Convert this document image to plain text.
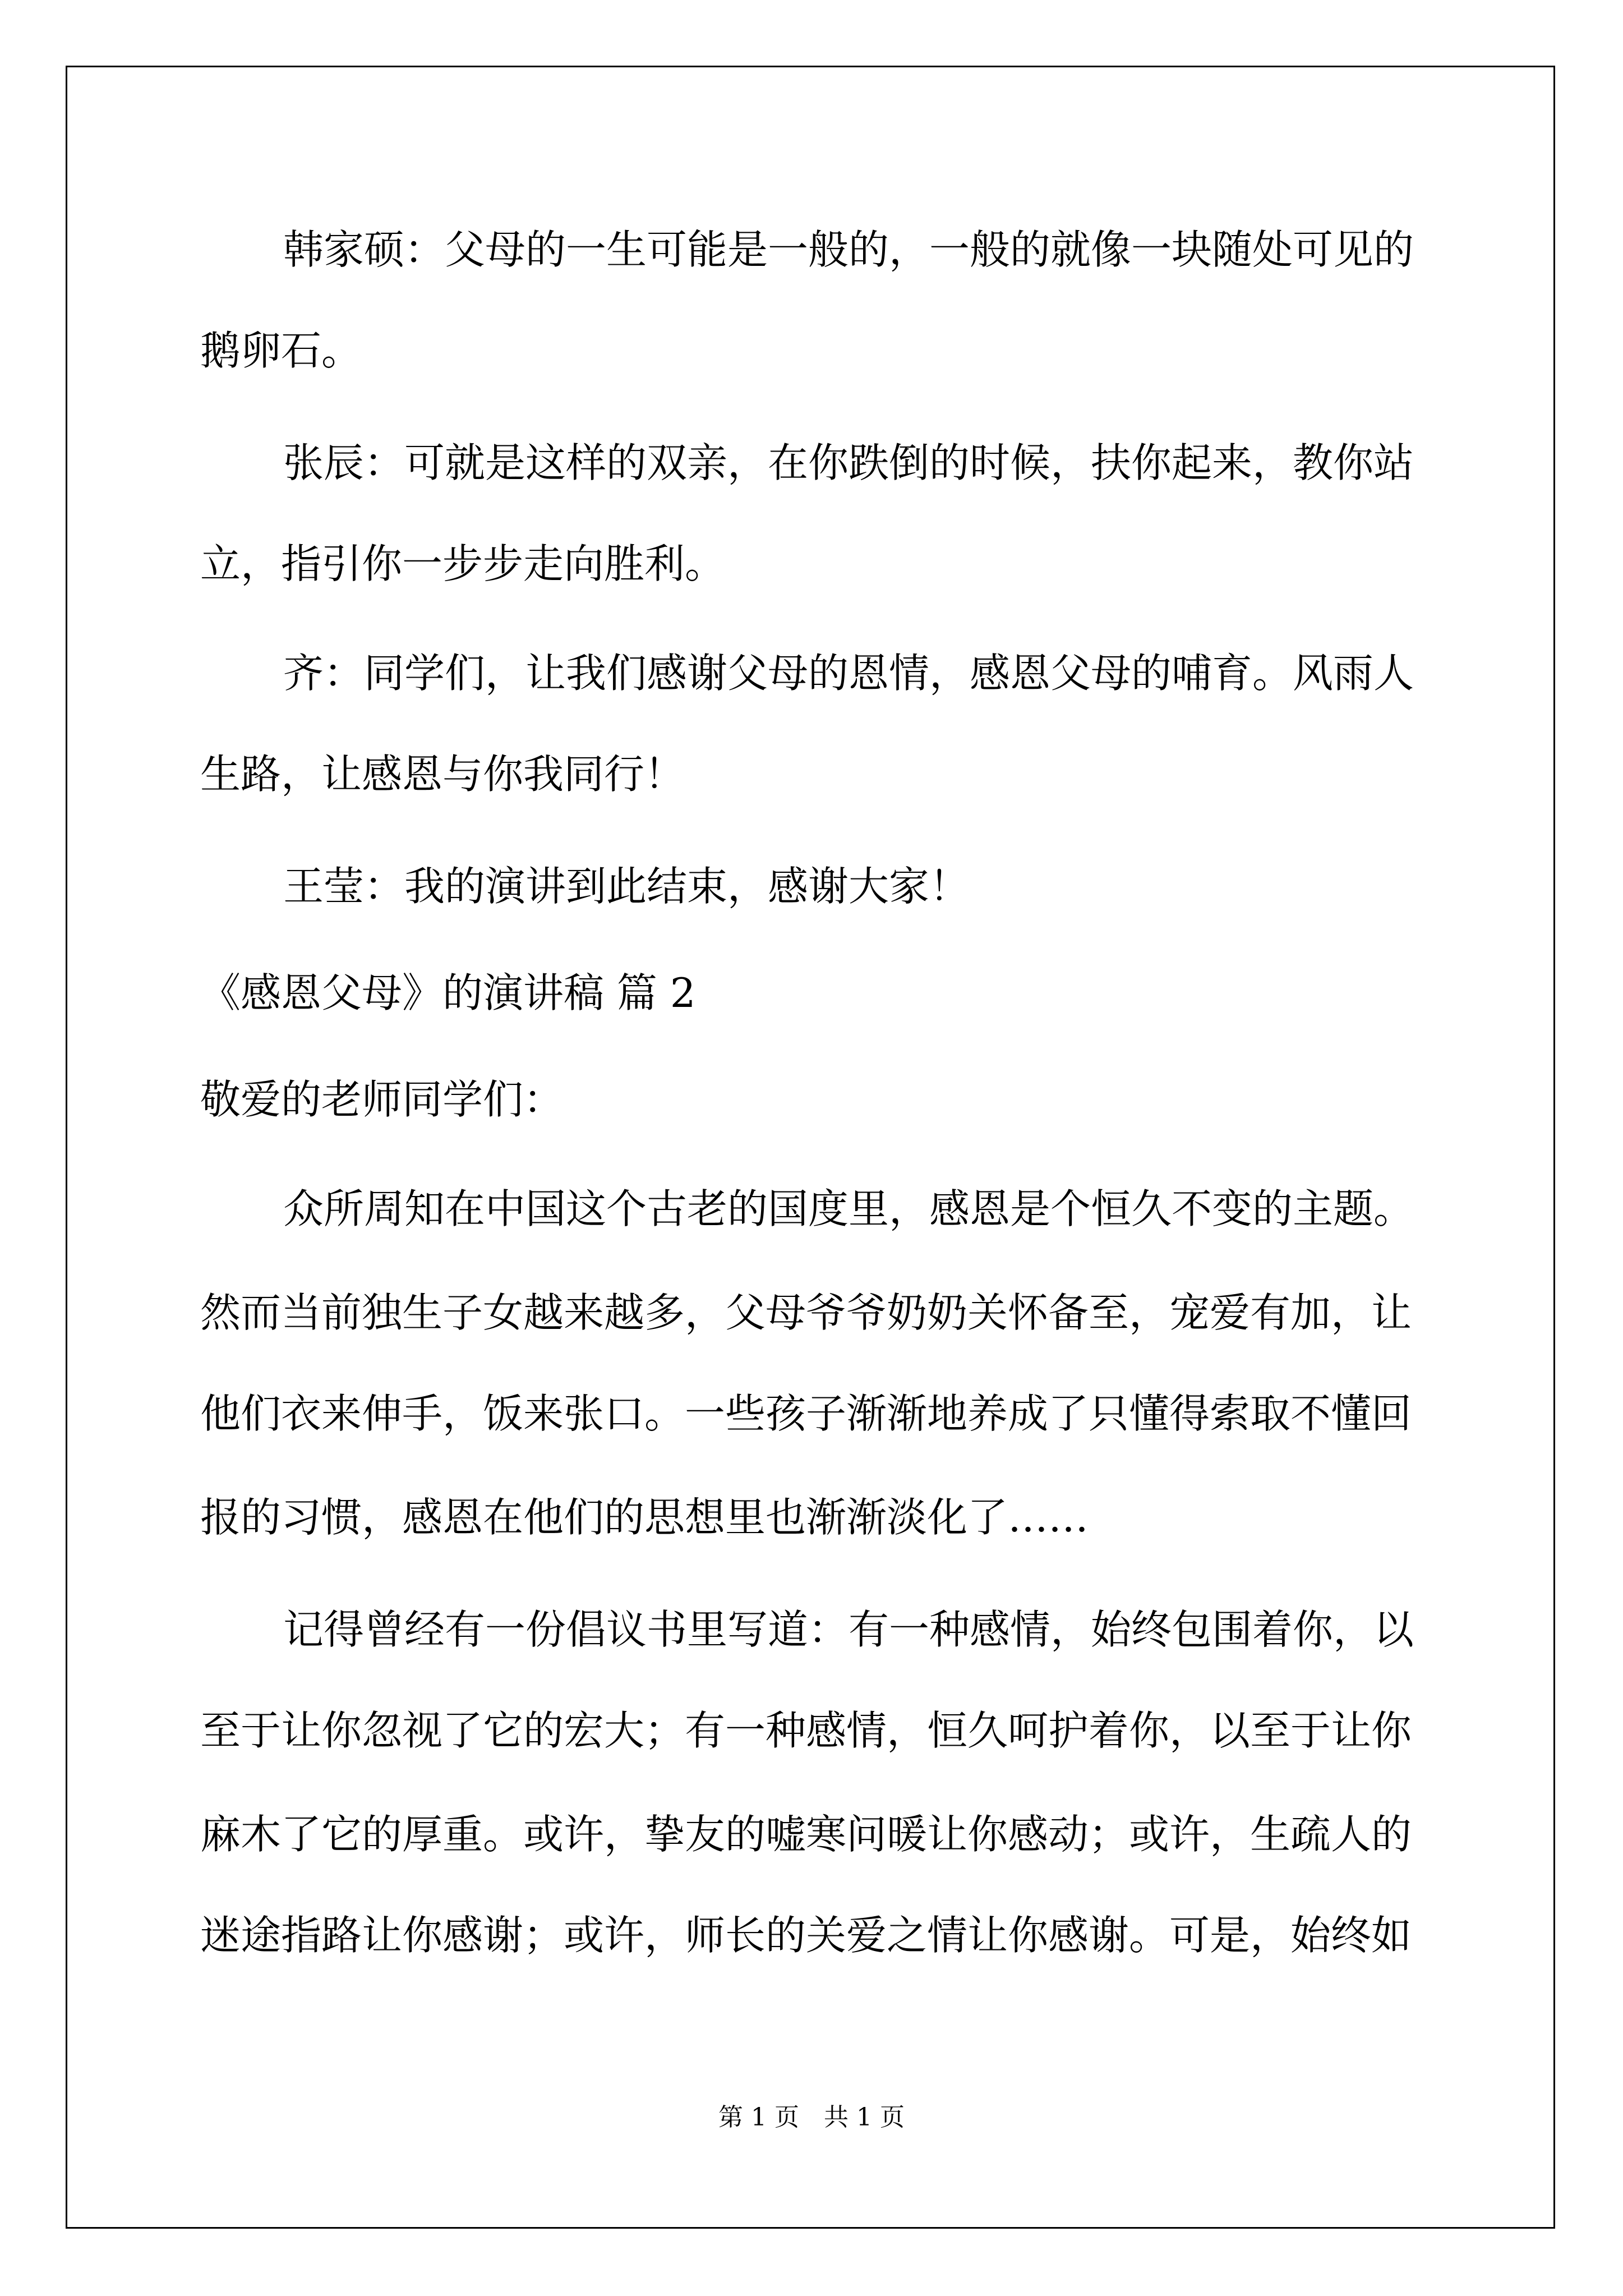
韩家硕：父母的一生可能是一般的，一般的就像一块随处可见的
鹅卵石。
张辰：可就是这样的双亲，在你跌倒的时候，扶你起来，教你站
立，指引你一步步走向胜利。
齐：同学们，让我们感谢父母的恩情，感恩父母的哺育。风雨人
生路，让感恩与你我同行！
王莹：我的演讲到此结束，感谢大家！
《感恩父母》的演讲稿 篇 2
敬爱的老师同学们：
众所周知在中国这个古老的国度里，感恩是个恒久不变的主题。
然而当前独生子女越来越多，父母爷爷奶奶关怀备至，宠爱有加，让
他们衣来伸手，饭来张口。一些孩子渐渐地养成了只懂得索取不懂回
报的习惯，感恩在他们的思想里也渐渐淡化了……
记得曾经有一份倡议书里写道：有一种感情，始终包围着你，以
至于让你忽视了它的宏大；有一种感情，恒久呵护着你，以至于让你
麻木了它的厚重。或许，挚友的嘘寒问暖让你感动；或许，生疏人的
迷途指路让你感谢；或许，师长的关爱之情让你感谢。可是，始终如
第 1 页　共 1 页
